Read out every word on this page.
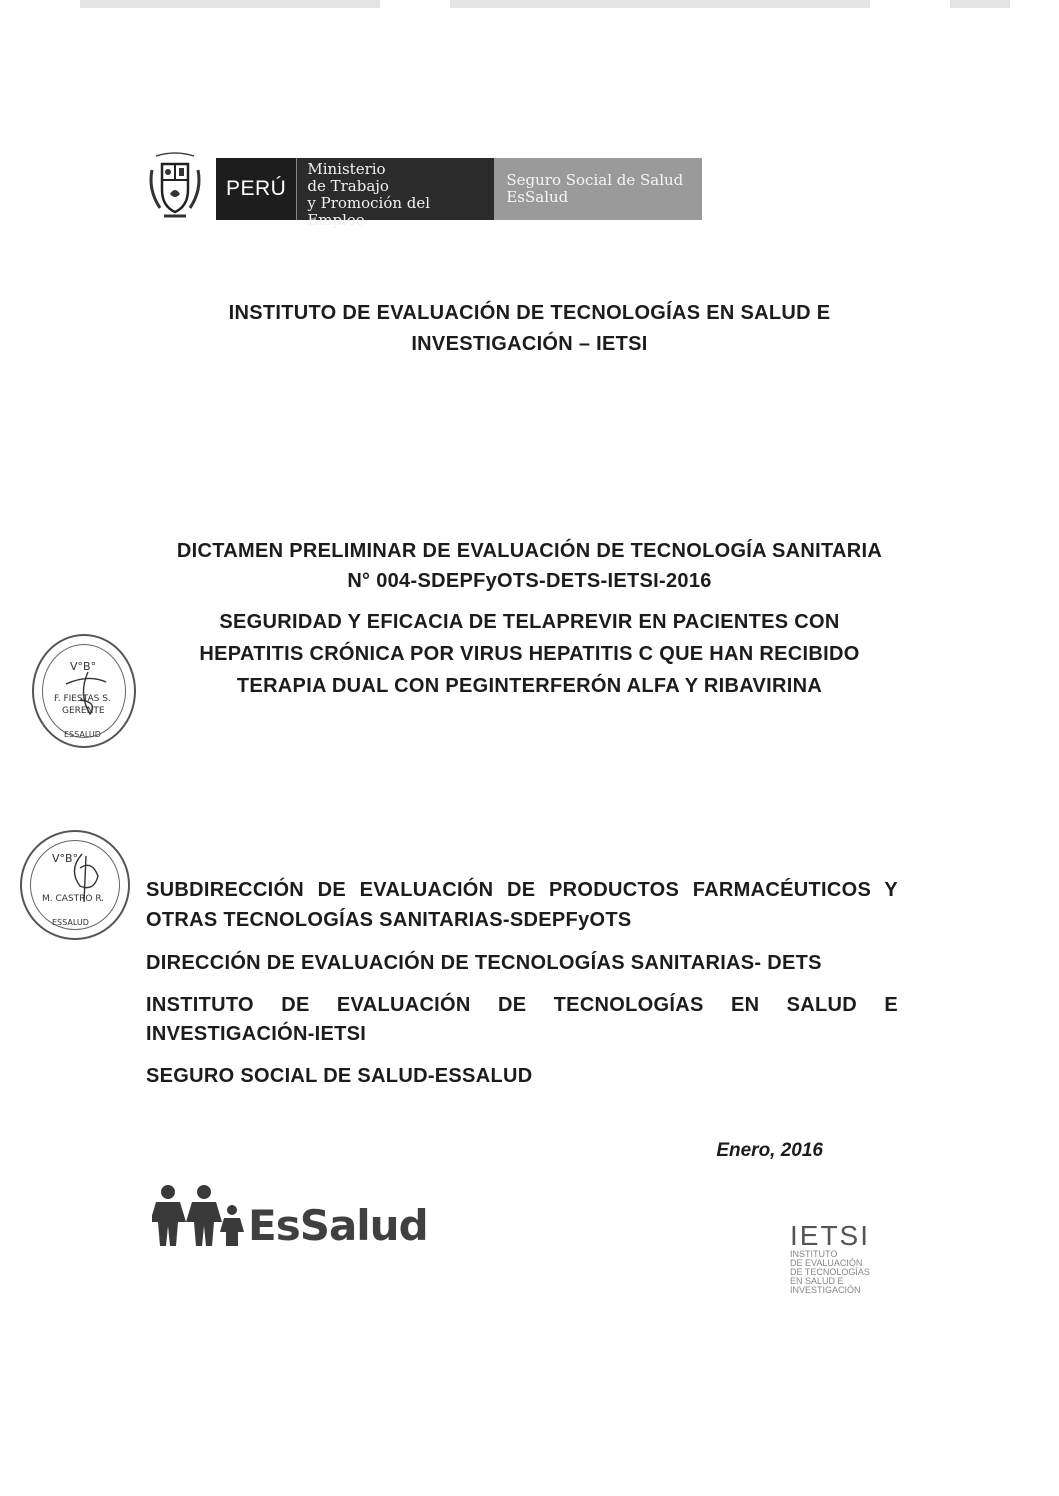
PERÚ
Ministerio
de Trabajo
y Promoción del Empleo
Seguro Social de Salud
EsSalud
INSTITUTO DE EVALUACIÓN DE TECNOLOGÍAS EN SALUD E
INVESTIGACIÓN – IETSI
DICTAMEN PRELIMINAR DE EVALUACIÓN DE TECNOLOGÍA SANITARIA
N° 004-SDEPFyOTS-DETS-IETSI-2016
SEGURIDAD Y EFICACIA DE TELAPREVIR EN PACIENTES CON
HEPATITIS CRÓNICA POR VIRUS HEPATITIS C QUE HAN RECIBIDO
TERAPIA DUAL CON PEGINTERFERÓN ALFA Y RIBAVIRINA
V°B°
F. FIESTAS S.
GERENTE
ESSALUD
V°B°
M. CASTRO R.
ESSALUD
SUBDIRECCIÓN DE EVALUACIÓN DE PRODUCTOS FARMACÉUTICOS Y
OTRAS TECNOLOGÍAS SANITARIAS-SDEPFyOTS
DIRECCIÓN DE EVALUACIÓN DE TECNOLOGÍAS SANITARIAS- DETS
INSTITUTO DE EVALUACIÓN DE TECNOLOGÍAS EN SALUD E
INVESTIGACIÓN-IETSI
SEGURO SOCIAL DE SALUD-ESSALUD
Enero, 2016
EsSalud	IETSI
INSTITUTO
DE EVALUACIÓN
DE TECNOLOGÍAS
EN SALUD E
INVESTIGACIÓN
